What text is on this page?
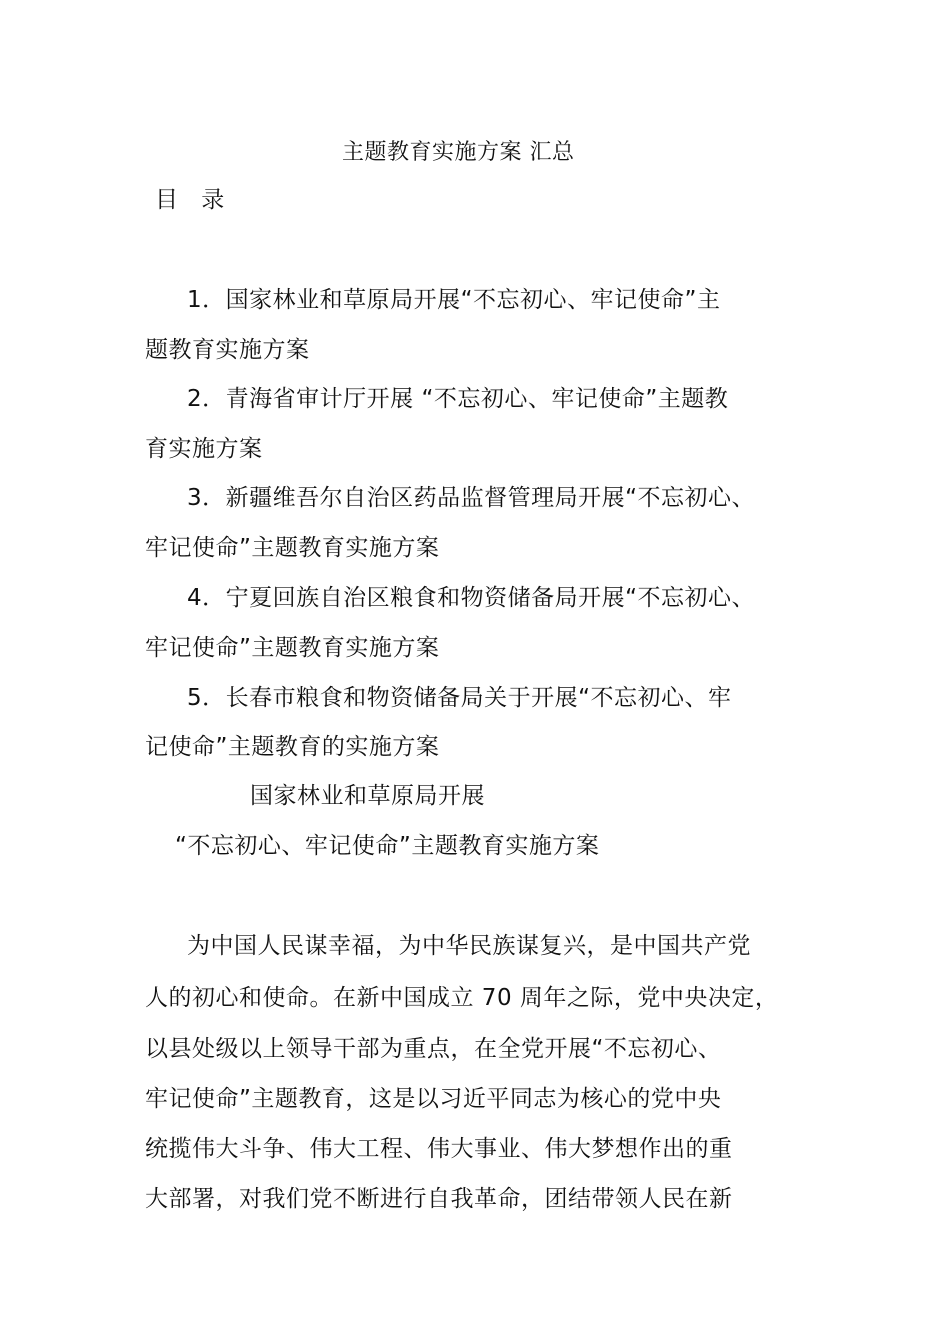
主题教育实施方案 汇总
目 录
1．国家林业和草原局开展“不忘初心、牢记使命”主
题教育实施方案
2．青海省审计厅开展 “不忘初心、牢记使命”主题教
育实施方案
3．新疆维吾尔自治区药品监督管理局开展“不忘初心、
牢记使命”主题教育实施方案
4．宁夏回族自治区粮食和物资储备局开展“不忘初心、
牢记使命”主题教育实施方案
5．长春市粮食和物资储备局关于开展“不忘初心、牢
记使命”主题教育的实施方案
国家林业和草原局开展
“不忘初心、牢记使命”主题教育实施方案
为中国人民谋幸福，为中华民族谋复兴，是中国共产党
人的初心和使命。在新中国成立 70 周年之际，党中央决定，
以县处级以上领导干部为重点，在全党开展“不忘初心、
牢记使命”主题教育，这是以习近平同志为核心的党中央
统揽伟大斗争、伟大工程、伟大事业、伟大梦想作出的重
大部署，对我们党不断进行自我革命，团结带领人民在新
